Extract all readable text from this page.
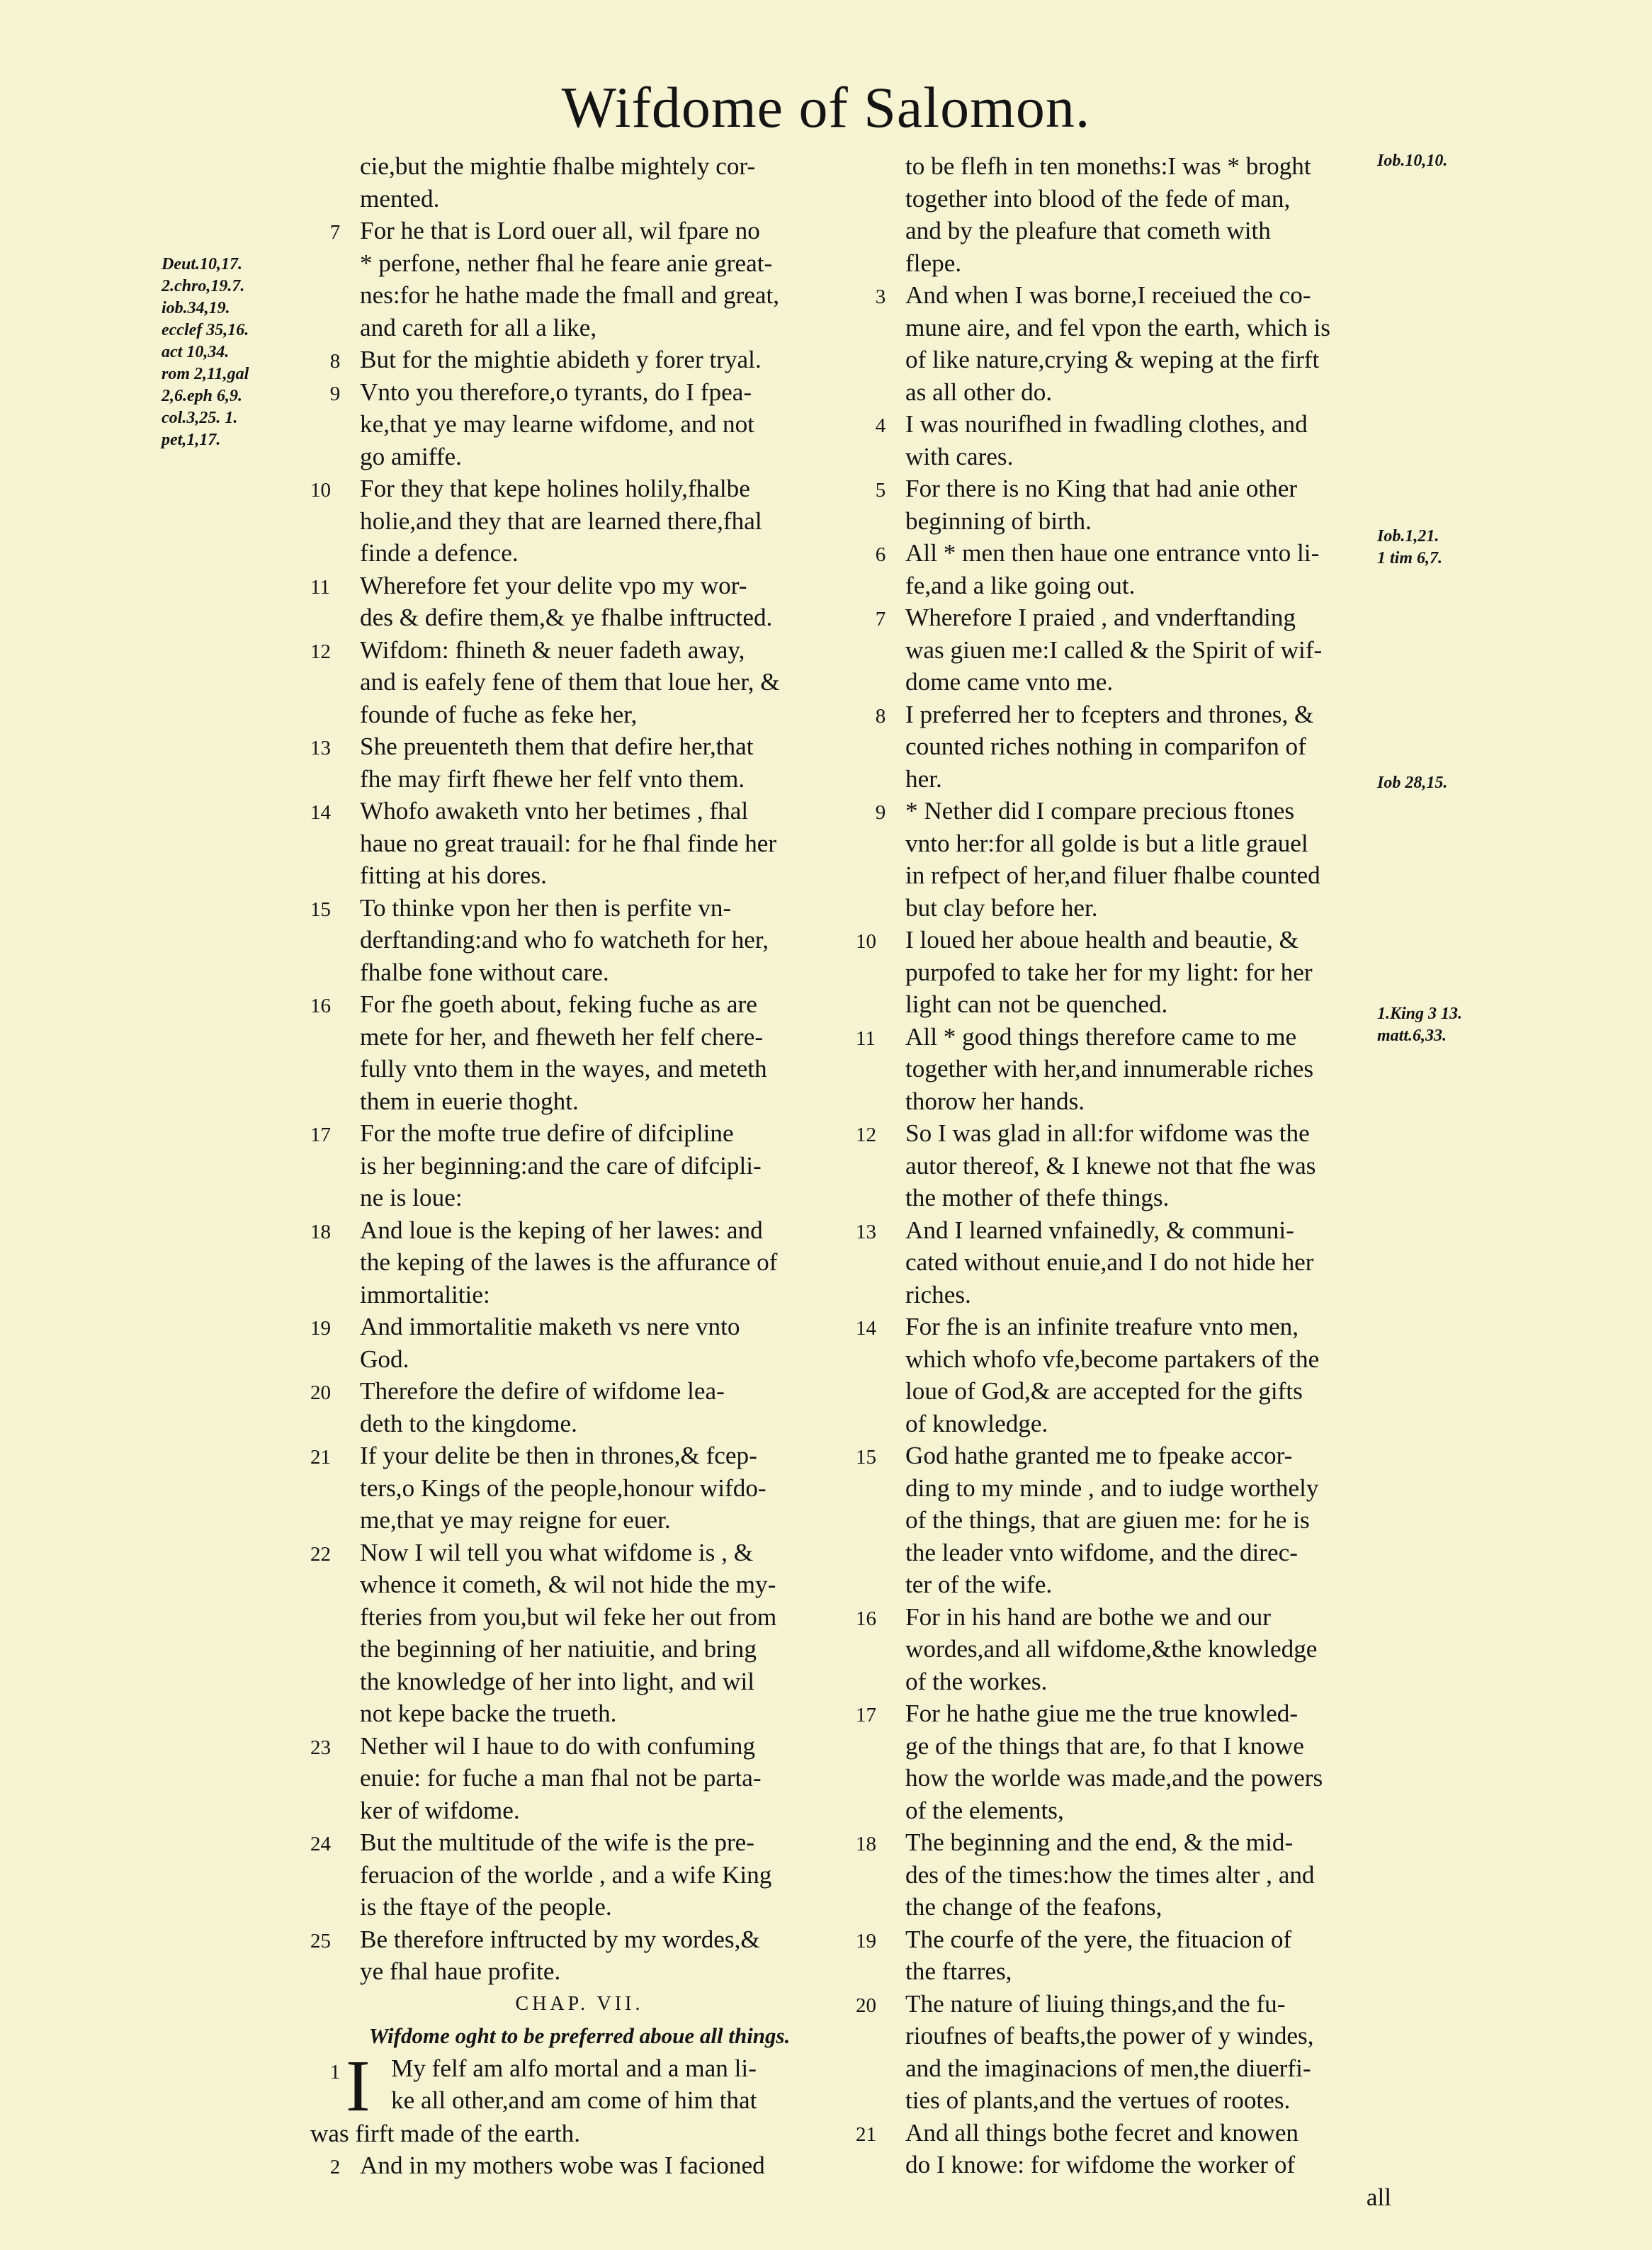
Wifdome of Salomon.
Deut.10,17.
2.chro,19.7.
iob.34,19.
ecclef 35,16.
act 10,34.
rom 2,11,gal
2,6.eph 6,9.
col.3,25. 1.
pet,1,17.
Iob.10,10.
Iob.1,21.
1 tim 6,7.
Iob 28,15.
1.King 3 13.
matt.6,33.
cie,but the mightie fhalbe mightely cor-
mented.
7 For he that is Lord ouer all, wil fpare no
* perfone, nether fhal he feare anie great-
nes:for he hathe made the fmall and great,
and careth for all a like,
8 But for the mightie abideth y forer tryal.
9 Vnto you therefore,o tyrants, do I fpea-
ke,that ye may learne wifdome, and not
go amiffe.
10 For they that kepe holines holily,fhalbe
holie,and they that are learned there,fhal
finde a defence.
11 Wherefore fet your delite vpo my wor-
des & defire them,& ye fhalbe inftructed.
12 Wifdom: fhineth & neuer fadeth away,
and is eafely fene of them that loue her, &
founde of fuche as feke her,
13 She preuenteth them that defire her,that
fhe may firft fhewe her felf vnto them.
14 Whofo awaketh vnto her betimes , fhal
haue no great trauail: for he fhal finde her
fitting at his dores.
15 To thinke vpon her then is perfite vn-
derftanding:and who fo watcheth for her,
fhalbe fone without care.
16 For fhe goeth about, feking fuche as are
mete for her, and fheweth her felf chere-
fully vnto them in the wayes, and meteth
them in euerie thoght.
17 For the mofte true defire of difcipline
is her beginning:and the care of difcipli-
ne is loue:
18 And loue is the keping of her lawes: and
the keping of the lawes is the affurance of
immortalitie:
19 And immortalitie maketh vs nere vnto
God.
20 Therefore the defire of wifdome lea-
deth to the kingdome.
21 If your delite be then in thrones,& fcep-
ters,o Kings of the people,honour wifdo-
me,that ye may reigne for euer.
22 Now I wil tell you what wifdome is , &
whence it cometh, & wil not hide the my-
fteries from you,but wil feke her out from
the beginning of her natiuitie, and bring
the knowledge of her into light, and wil
not kepe backe the trueth.
23 Nether wil I haue to do with confuming
enuie: for fuche a man fhal not be parta-
ker of wifdome.
24 But the multitude of the wife is the pre-
feruacion of the worlde , and a wife King
is the ftaye of the people.
25 Be therefore inftructed by my wordes,&
ye fhal haue profite.
CHAP. VII.
Wifdome oght to be preferred aboue all things.
1 I My felf am alfo mortal and a man li-
ke all other,and am come of him that
was firft made of the earth.
2 And in my mothers wobe was I facioned
to be flefh in ten moneths:I was * broght
together into blood of the fede of man,
and by the pleafure that cometh with
flepe.
3 And when I was borne,I receiued the co-
mune aire, and fel vpon the earth, which is
of like nature,crying & weping at the firft
as all other do.
4 I was nourifhed in fwadling clothes, and
with cares.
5 For there is no King that had anie other
beginning of birth.
6 All * men then haue one entrance vnto li-
fe,and a like going out.
7 Wherefore I praied , and vnderftanding
was giuen me:I called & the Spirit of wif-
dome came vnto me.
8 I preferred her to fcepters and thrones, &
counted riches nothing in comparifon of
her.
9 * Nether did I compare precious ftones
vnto her:for all golde is but a litle grauel
in refpect of her,and filuer fhalbe counted
but clay before her.
10 I loued her aboue health and beautie, &
purpofed to take her for my light: for her
light can not be quenched.
11 All * good things therefore came to me
together with her,and innumerable riches
thorow her hands.
12 So I was glad in all:for wifdome was the
autor thereof, & I knewe not that fhe was
the mother of thefe things.
13 And I learned vnfainedly, & communi-
cated without enuie,and I do not hide her
riches.
14 For fhe is an infinite treafure vnto men,
which whofo vfe,become partakers of the
loue of God,& are accepted for the gifts
of knowledge.
15 God hathe granted me to fpeake accor-
ding to my minde , and to iudge worthely
of the things, that are giuen me: for he is
the leader vnto wifdome, and the direc-
ter of the wife.
16 For in his hand are bothe we and our
wordes,and all wifdome,&the knowledge
of the workes.
17 For he hathe giue me the true knowled-
ge of the things that are, fo that I knowe
how the worlde was made,and the powers
of the elements,
18 The beginning and the end, & the mid-
des of the times:how the times alter , and
the change of the feafons,
19 The courfe of the yere, the fituacion of
the ftarres,
20 The nature of liuing things,and the fu-
rioufnes of beafts,the power of y windes,
and the imaginacions of men,the diuerfi-
ties of plants,and the vertues of rootes.
21 And all things bothe fecret and knowen
do I knowe: for wifdome the worker of
all
